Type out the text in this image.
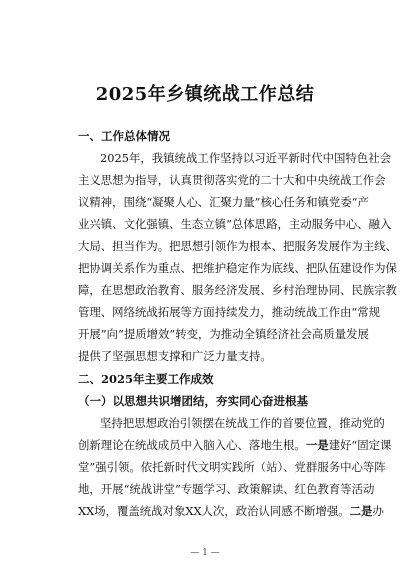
2025年乡镇统战工作总结
一、工作总体情况
2025年，我镇统战工作坚持以习近平新时代中国特色社会
主义思想为指导，认真贯彻落实党的二十大和中央统战工作会
议精神，围绕“凝聚人心、汇聚力量”核心任务和镇党委“产
业兴镇、文化强镇、生态立镇”总体思路，主动服务中心、融入
大局、担当作为。把思想引领作为根本、把服务发展作为主线、
把协调关系作为重点、把维护稳定作为底线、把队伍建设作为保
障，在思想政治教育、服务经济发展、乡村治理协同、民族宗教
管理、网络统战拓展等方面持续发力，推动统战工作由“常规
开展”向“提质增效”转变，为推动全镇经济社会高质量发展
提供了坚强思想支撑和广泛力量支持。
二、2025年主要工作成效
（一）以思想共识增团结，夯实同心奋进根基
坚持把思想政治引领摆在统战工作的首要位置，推动党的
创新理论在统战成员中入脑入心、落地生根。一是建好“固定课
堂”强引领。依托新时代文明实践所（站）、党群服务中心等阵
地，开展“统战讲堂”专题学习、政策解读、红色教育等活动
XX场，覆盖统战对象XX人次，政治认同感不断增强。二是办
— 1 —
